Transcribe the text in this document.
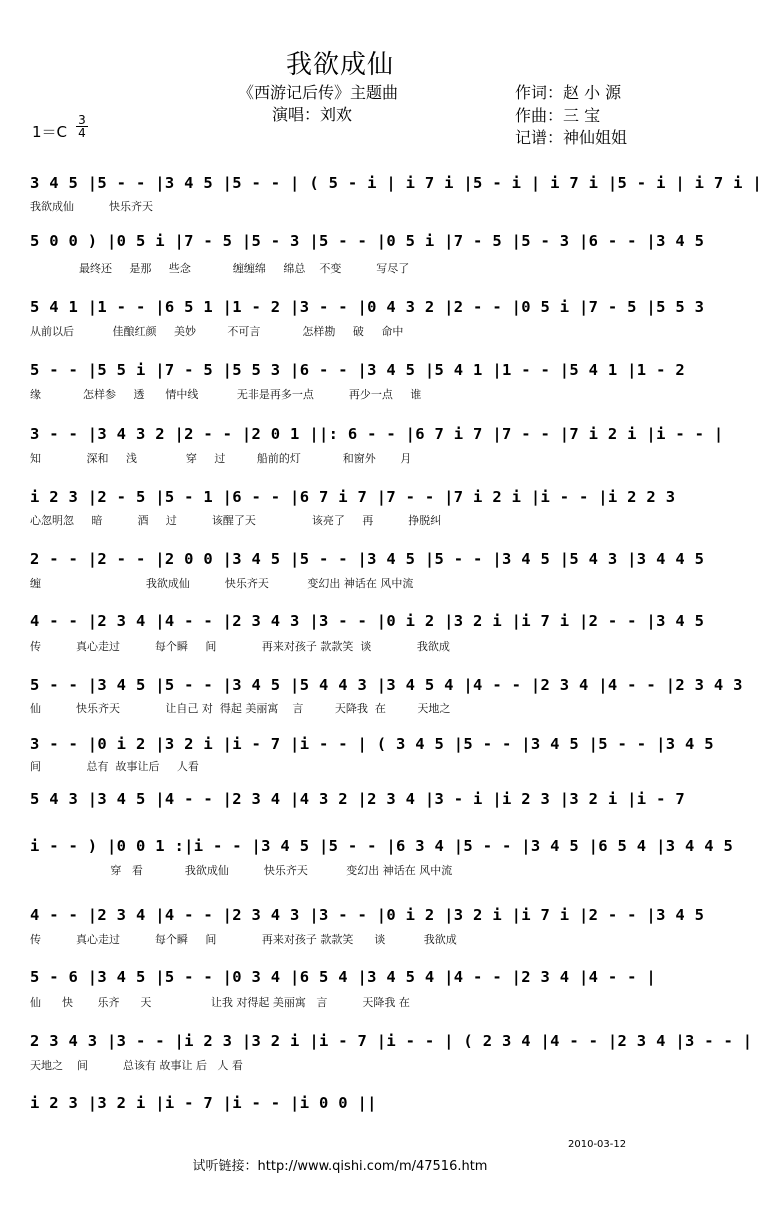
我欲成仙
《西游记后传》主题曲
演唱：刘欢
作词：赵 小 源
作曲：三 宝
记谱：神仙姐姐
1＝C
3
4
3 4 5 |5 - - |3 4 5 |5 - - | ( 5 - i | i 7 i |5 - i | i 7 i |5 - i | i 7 i |
我欲成仙          快乐齐天
5 0 0 ) |0 5 i |7 - 5 |5 - 3 |5 - - |0 5 i |7 - 5 |5 - 3 |6 - - |3 4 5
最终还     是那     些念            缠缠绵     绵总    不变          写尽了
5 4 1 |1 - - |6 5 1 |1 - 2 |3 - - |0 4 3 2 |2 - - |0 5 i |7 - 5 |5 5 3
从前以后           佳酿红颜     美妙         不可言            怎样勘     破     命中
5 - - |5 5 i |7 - 5 |5 5 3 |6 - - |3 4 5 |5 4 1 |1 - - |5 4 1 |1 - 2
缘            怎样参     透      情中线           无非是再多一点          再少一点     谁
3 - - |3 4 3 2 |2 - - |2 0 1 ||: 6 - - |6 7 i 7 |7 - - |7 i 2 i |i - - |
知             深和     浅              穿     过         船前的灯            和窗外       月
i 2 3 |2 - 5 |5 - 1 |6 - - |6 7 i 7 |7 - - |7 i 2 i |i - - |i 2 2 3
心忽明忽     暗          酒     过          该醒了天                该亮了     再          挣脱纠
2 - - |2 - - |2 0 0 |3 4 5 |5 - - |3 4 5 |5 - - |3 4 5 |5 4 3 |3 4 4 5
缠                              我欲成仙          快乐齐天           变幻出 神话在 风中流
4 - - |2 3 4 |4 - - |2 3 4 3 |3 - - |0 i 2 |3 2 i |i 7 i |2 - - |3 4 5
传          真心走过          每个瞬     间             再来对孩子 款款笑  谈             我欲成
5 - - |3 4 5 |5 - - |3 4 5 |5 4 4 3 |3 4 5 4 |4 - - |2 3 4 |4 - - |2 3 4 3
仙          快乐齐天             让自己 对  得起 美丽寓    言         天降我  在         天地之
3 - - |0 i 2 |3 2 i |i - 7 |i - - | ( 3 4 5 |5 - - |3 4 5 |5 - - |3 4 5
间             总有  故事让后     人看
5 4 3 |3 4 5 |4 - - |2 3 4 |4 3 2 |2 3 4 |3 - i |i 2 3 |3 2 i |i - 7
i - - ) |0 0 1 :|i - - |3 4 5 |5 - - |6 3 4 |5 - - |3 4 5 |6 5 4 |3 4 4 5
穿   看            我欲成仙          快乐齐天           变幻出 神话在 风中流
4 - - |2 3 4 |4 - - |2 3 4 3 |3 - - |0 i 2 |3 2 i |i 7 i |2 - - |3 4 5
传          真心走过          每个瞬     间             再来对孩子 款款笑      谈           我欲成
5 - 6 |3 4 5 |5 - - |0 3 4 |6 5 4 |3 4 5 4 |4 - - |2 3 4 |4 - - |
仙      快       乐齐      天                 让我 对得起 美丽寓   言          天降我 在
2 3 4 3 |3 - - |i 2 3 |3 2 i |i - 7 |i - - | ( 2 3 4 |4 - - |2 3 4 |3 - - |
天地之    间          总该有 故事让 后   人 看
i 2 3 |3 2 i |i - 7 |i - - |i 0 0 ||
2010-03-12
试听链接：http://www.qishi.com/m/47516.htm
